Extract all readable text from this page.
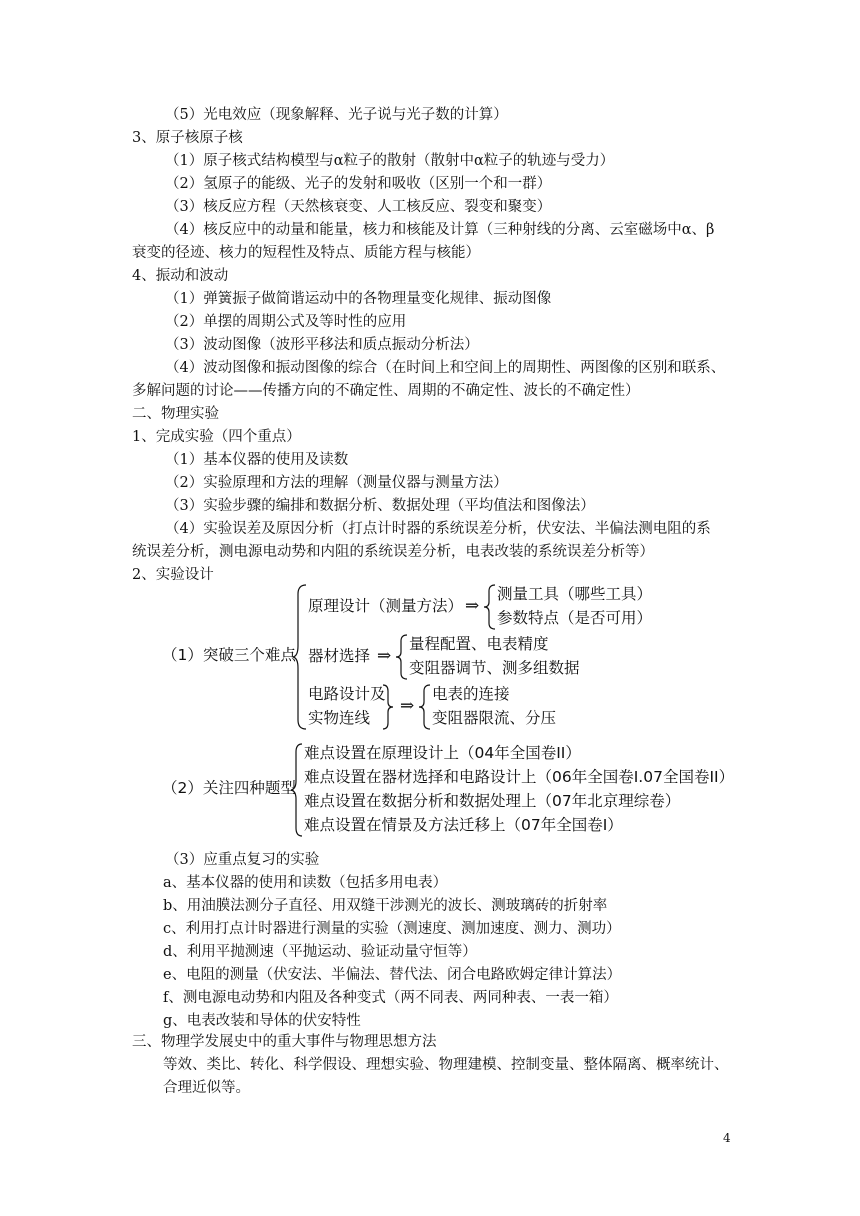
（5）光电效应（现象解释、光子说与光子数的计算）
3、原子核原子核
（1）原子核式结构模型与α粒子的散射（散射中α粒子的轨迹与受力）
（2）氢原子的能级、光子的发射和吸收（区别一个和一群）
（3）核反应方程（天然核衰变、人工核反应、裂变和聚变）
（4）核反应中的动量和能量，核力和核能及计算（三种射线的分离、云室磁场中α、β
衰变的径迹、核力的短程性及特点、质能方程与核能）
4、振动和波动
（1）弹簧振子做简谐运动中的各物理量变化规律、振动图像
（2）单摆的周期公式及等时性的应用
（3）波动图像（波形平移法和质点振动分析法）
（4）波动图像和振动图像的综合（在时间上和空间上的周期性、两图像的区别和联系、
多解问题的讨论——传播方向的不确定性、周期的不确定性、波长的不确定性）
二、物理实验
1、完成实验（四个重点）
（1）基本仪器的使用及读数
（2）实验原理和方法的理解（测量仪器与测量方法）
（3）实验步骤的编排和数据分析、数据处理（平均值法和图像法）
（4）实验误差及原因分析（打点计时器的系统误差分析，伏安法、半偏法测电阻的系
统误差分析，测电源电动势和内阻的系统误差分析，电表改装的系统误差分析等）
2、实验设计
（1）突破三个难点
原理设计（测量方法） ⇒
测量工具（哪些工具）
参数特点（是否可用）
器材选择 ⇒
量程配置、电表精度
变阻器调节、测多组数据
电路设计及
实物连线
⇒
电表的连接
变阻器限流、分压
（2）关注四种题型
难点设置在原理设计上（04年全国卷II）
难点设置在器材选择和电路设计上（06年全国卷I.07全国卷II）
难点设置在数据分析和数据处理上（07年北京理综卷）
难点设置在情景及方法迁移上（07年全国卷I）
（3）应重点复习的实验
a、基本仪器的使用和读数（包括多用电表）
b、用油膜法测分子直径、用双缝干涉测光的波长、测玻璃砖的折射率
c、利用打点计时器进行测量的实验（测速度、测加速度、测力、测功）
d、利用平抛测速（平抛运动、验证动量守恒等）
e、电阻的测量（伏安法、半偏法、替代法、闭合电路欧姆定律计算法）
f、测电源电动势和内阻及各种变式（两不同表、两同种表、一表一箱）
g、电表改装和导体的伏安特性
三、物理学发展史中的重大事件与物理思想方法
等效、类比、转化、科学假设、理想实验、物理建模、控制变量、整体隔离、概率统计、
合理近似等。
4
